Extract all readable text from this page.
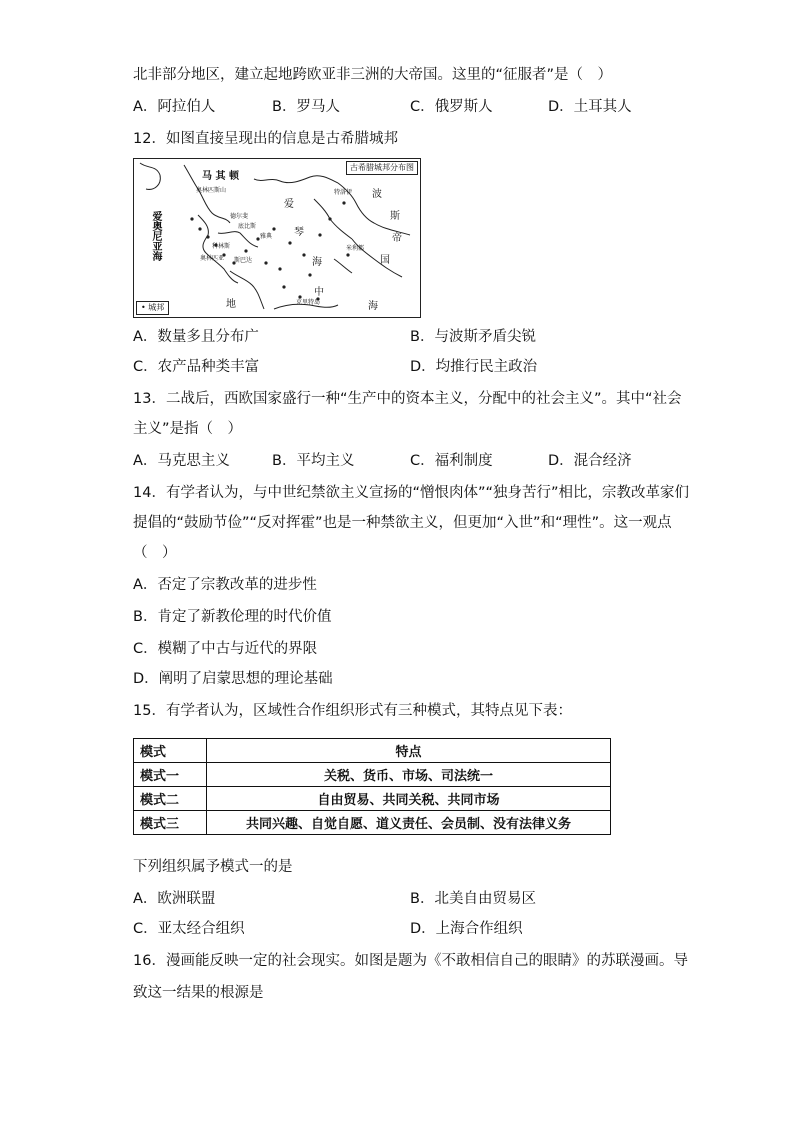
北非部分地区，建立起地跨欧亚非三洲的大帝国。这里的“征服者”是（　）
A．阿拉伯人	B．罗马人	C．俄罗斯人	D．土耳其人
12．如图直接呈现出的信息是古希腊城邦
古希腊城邦分布图
• 城邦
马 其 顿
爱奥尼亚海
爱
琴
海
波
斯
帝
国
地
中
海
奥林匹斯山
德尔斐
底比斯
雅典
科林斯
斯巴达
奥林匹亚
米利都
特洛伊
克里特岛
A．数量多且分布广	B．与波斯矛盾尖锐
C．农产品种类丰富	D．均推行民主政治
13．二战后，西欧国家盛行一种“生产中的资本主义，分配中的社会主义”。其中“社会
主义”是指（　）
A．马克思主义	B．平均主义	C．福利制度	D．混合经济
14．有学者认为，与中世纪禁欲主义宣扬的“憎恨肉体”“独身苦行”相比，宗教改革家们
提倡的“鼓励节俭”“反对挥霍”也是一种禁欲主义，但更加“入世”和“理性”。这一观点
（　）
A．否定了宗教改革的进步性
B．肯定了新教伦理的时代价值
C．模糊了中古与近代的界限
D．阐明了启蒙思想的理论基础
15．有学者认为，区域性合作组织形式有三种模式，其特点见下表：
模式	特点
模式一	关税、货币、市场、司法统一
模式二	自由贸易、共同关税、共同市场
模式三	共同兴趣、自觉自愿、道义责任、会员制、没有法律义务
下列组织属予模式一的是
A．欧洲联盟	B．北美自由贸易区
C．亚太经合组织	D．上海合作组织
16．漫画能反映一定的社会现实。如图是题为《不敢相信自己的眼睛》的苏联漫画。导
致这一结果的根源是
